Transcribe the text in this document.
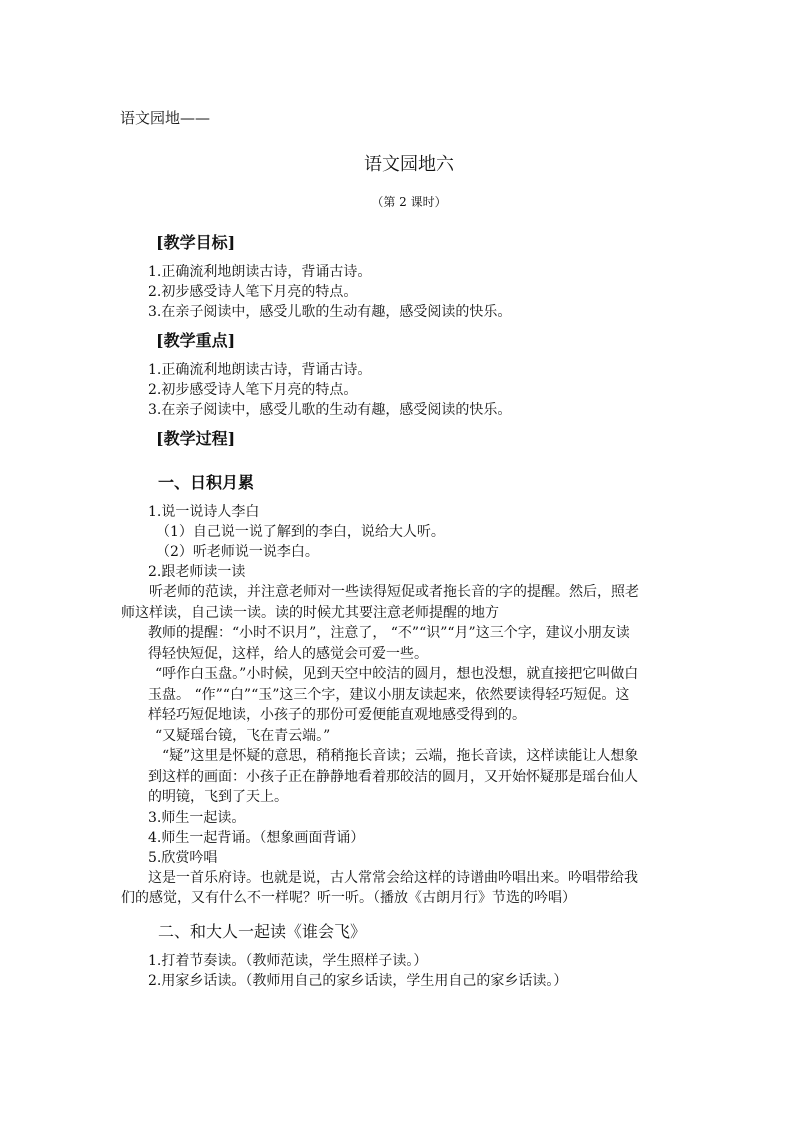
语文园地——
语文园地六
（第 2 课时）
[教学目标]
1.正确流利地朗读古诗，背诵古诗。
2.初步感受诗人笔下月亮的特点。
3.在亲子阅读中，感受儿歌的生动有趣，感受阅读的快乐。
[教学重点]
1.正确流利地朗读古诗，背诵古诗。
2.初步感受诗人笔下月亮的特点。
3.在亲子阅读中，感受儿歌的生动有趣，感受阅读的快乐。
[教学过程]
一、日积月累
1.说一说诗人李白
（1）自己说一说了解到的李白，说给大人听。
（2）听老师说一说李白。
2.跟老师读一读
听老师的范读，并注意老师对一些读得短促或者拖长音的字的提醒。然后，照老师这样读，自己读一读。读的时候尤其要注意老师提醒的地方
教师的提醒：“小时不识月”，注意了， “不”“识”“月”这三个字，建议小朋友读得轻快短促，这样，给人的感觉会可爱一些。
“呼作白玉盘。”小时候，见到天空中皎洁的圆月，想也没想，就直接把它叫做白玉盘。 “作”“白”“玉”这三个字，建议小朋友读起来，依然要读得轻巧短促。这样轻巧短促地读，小孩子的那份可爱便能直观地感受得到的。
“又疑瑶台镜，飞在青云端。”
“疑”这里是怀疑的意思，稍稍拖长音读；云端，拖长音读，这样读能让人想象到这样的画面：小孩子正在静静地看着那皎洁的圆月，又开始怀疑那是瑶台仙人的明镜，飞到了天上。
3.师生一起读。
4.师生一起背诵。（想象画面背诵）
5.欣赏吟唱
这是一首乐府诗。也就是说，古人常常会给这样的诗谱曲吟唱出来。吟唱带给我们的感觉，又有什么不一样呢？听一听。（播放《古朗月行》节选的吟唱）
二、和大人一起读《谁会飞》
1.打着节奏读。（教师范读，学生照样子读。）
2.用家乡话读。（教师用自己的家乡话读，学生用自己的家乡话读。）
